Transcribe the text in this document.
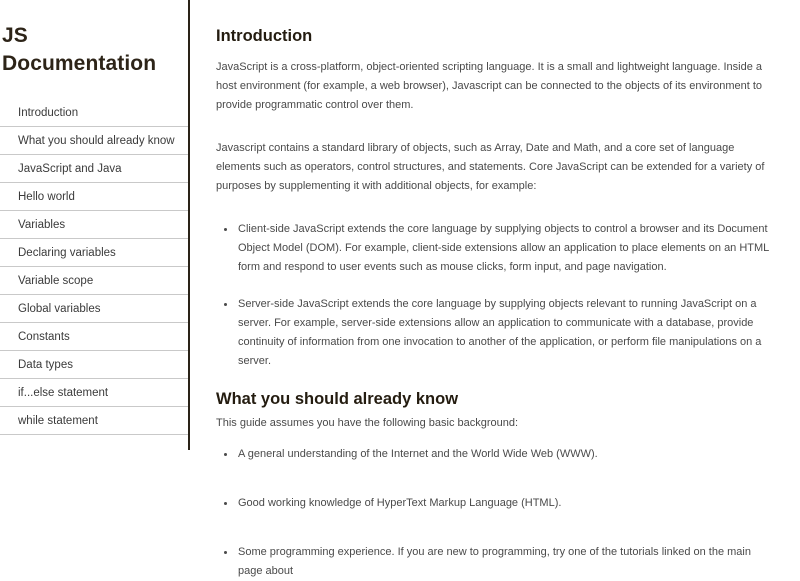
JS Documentation
Introduction
What you should already know
JavaScript and Java
Hello world
Variables
Declaring variables
Variable scope
Global variables
Constants
Data types
if...else statement
while statement
Introduction

JavaScript is a cross-platform, object-oriented scripting language. It is a small and lightweight language. Inside a host environment (for example, a web browser), Javascript can be connected to the objects of its environment to provide programmatic control over them.

Javascript contains a standard library of objects, such as Array, Date and Math, and a core set of language elements such as operators, control structures, and statements. Core JavaScript can be extended for a variety of purposes by supplementing it with additional objects, for example:

Client-side JavaScript extends the core language by supplying objects to control a browser and its Document Object Model (DOM). For example, client-side extensions allow an application to place elements on an HTML form and respond to user events such as mouse clicks, form input, and page navigation.
Server-side JavaScript extends the core language by supplying objects relevant to running JavaScript on a server. For example, server-side extensions allow an application to communicate with a database, provide continuity of information from one invocation to another of the application, or perform file manipulations on a server.
What you should already know

This guide assumes you have the following basic background:

A general understanding of the Internet and the World Wide Web (WWW).
Good working knowledge of HyperText Markup Language (HTML).
Some programming experience. If you are new to programming, try one of the tutorials linked on the main page about
